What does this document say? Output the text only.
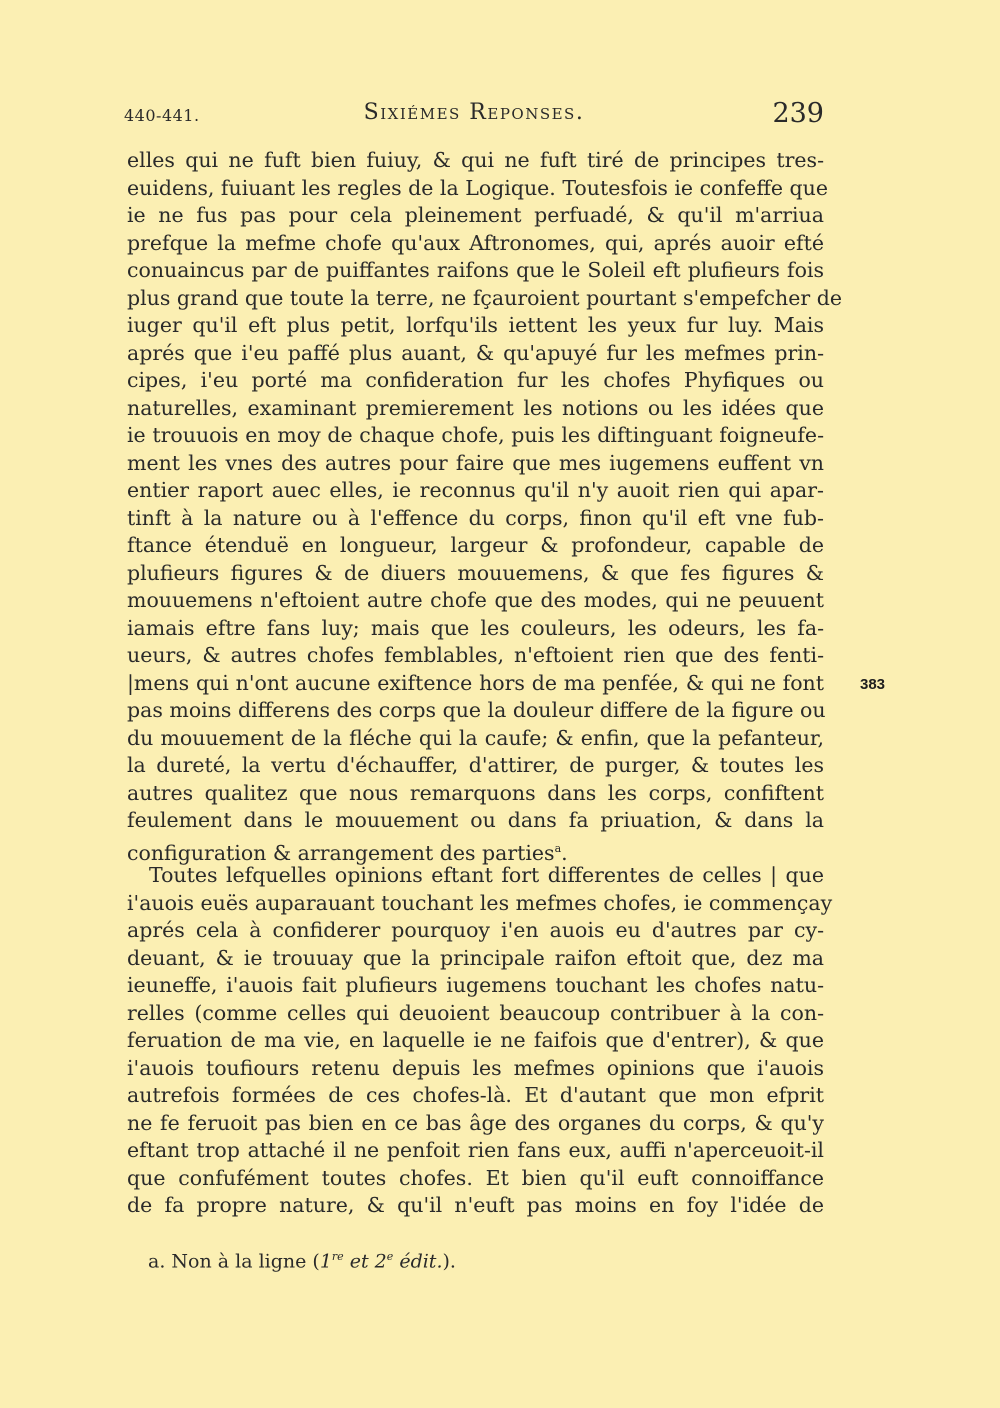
440-441.	Sixiémes Reponses.	239
elles qui ne fuft bien fuiuy, & qui ne fuft tiré de principes tres-
euidens, fuiuant les regles de la Logique. Toutesfois ie confeffe que
ie ne fus pas pour cela pleinement perfuadé, & qu'il m'arriua
prefque la mefme chofe qu'aux Aftronomes, qui, aprés auoir efté
conuaincus par de puiffantes raifons que le Soleil eft plufieurs fois
plus grand que toute la terre, ne fçauroient pourtant s'empefcher de
iuger qu'il eft plus petit, lorfqu'ils iettent les yeux fur luy. Mais
aprés que i'eu paffé plus auant, & qu'apuyé fur les mefmes prin-
cipes, i'eu porté ma confideration fur les chofes Phyfiques ou
naturelles, examinant premierement les notions ou les idées que
ie trouuois en moy de chaque chofe, puis les diftinguant foigneufe-
ment les vnes des autres pour faire que mes iugemens euffent vn
entier raport auec elles, ie reconnus qu'il n'y auoit rien qui apar-
tinft à la nature ou à l'effence du corps, finon qu'il eft vne fub-
ftance étenduë en longueur, largeur & profondeur, capable de
plufieurs figures & de diuers mouuemens, & que fes figures &
mouuemens n'eftoient autre chofe que des modes, qui ne peuuent
iamais eftre fans luy; mais que les couleurs, les odeurs, les fa-
ueurs, & autres chofes femblables, n'eftoient rien que des fenti-
|mens qui n'ont aucune exiftence hors de ma penfée, & qui ne font
pas moins differens des corps que la douleur differe de la figure ou
du mouuement de la fléche qui la caufe; & enfin, que la pefanteur,
la dureté, la vertu d'échauffer, d'attirer, de purger, & toutes les
autres qualitez que nous remarquons dans les corps, confiftent
feulement dans le mouuement ou dans fa priuation, & dans la
configuration & arrangement des parties$^a$.
Toutes lefquelles opinions eftant fort differentes de celles | que
i'auois euës auparauant touchant les mefmes chofes, ie commençay
aprés cela à confiderer pourquoy i'en auois eu d'autres par cy-
deuant, & ie trouuay que la principale raifon eftoit que, dez ma
ieuneffe, i'auois fait plufieurs iugemens touchant les chofes natu-
relles (comme celles qui deuoient beaucoup contribuer à la con-
feruation de ma vie, en laquelle ie ne faifois que d'entrer), & que
i'auois toufiours retenu depuis les mefmes opinions que i'auois
autrefois formées de ces chofes-là. Et d'autant que mon efprit
ne fe feruoit pas bien en ce bas âge des organes du corps, & qu'y
eftant trop attaché il ne penfoit rien fans eux, auffi n'aperceuoit-il
que confufément toutes chofes. Et bien qu'il euft connoiffance
de fa propre nature, & qu'il n'euft pas moins en foy l'idée de
383
a. Non à la ligne (1re et 2e édit.).
